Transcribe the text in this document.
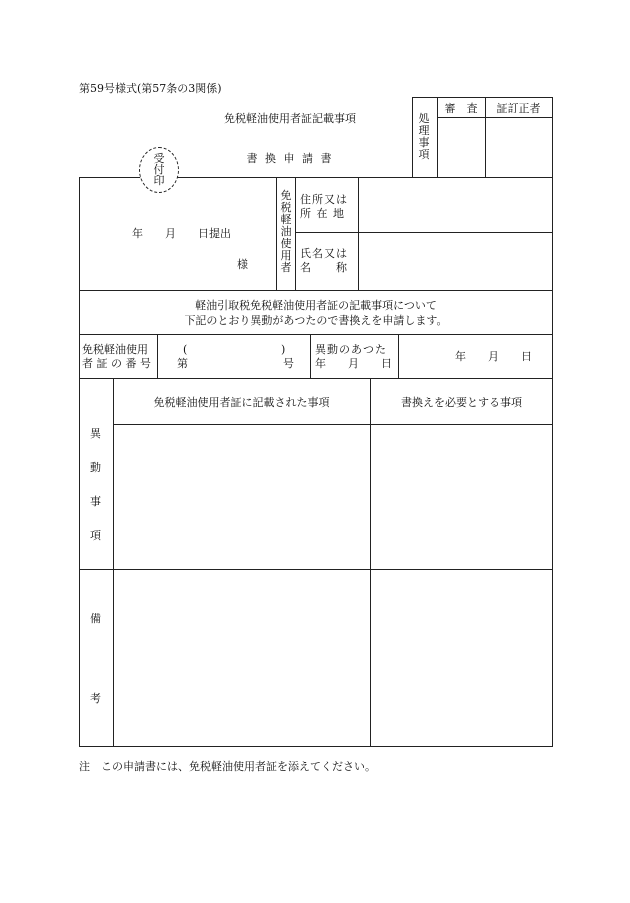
第59号様式(第57条の3関係)
免税軽油使用者証記載事項
書 換 申 請 書
処理事項
審　査	証訂正者
年　　月　　日提出
様
免税軽油使用者
住所又は
所 在 地
氏名又は
名　　称
受
付
印
軽油引取税免税軽油使用者証の記載事項について
下記のとおり異動があつたので書換えを申請します。
免税軽油使用
者 証 の 番 号
(	)
第	号
異動のあつた
年　　月　　日
年　　月　　日
異動事項
免税軽油使用者証に記載された事項	書換えを必要とする事項
備
考
注　この申請書には、免税軽油使用者証を添えてください。
